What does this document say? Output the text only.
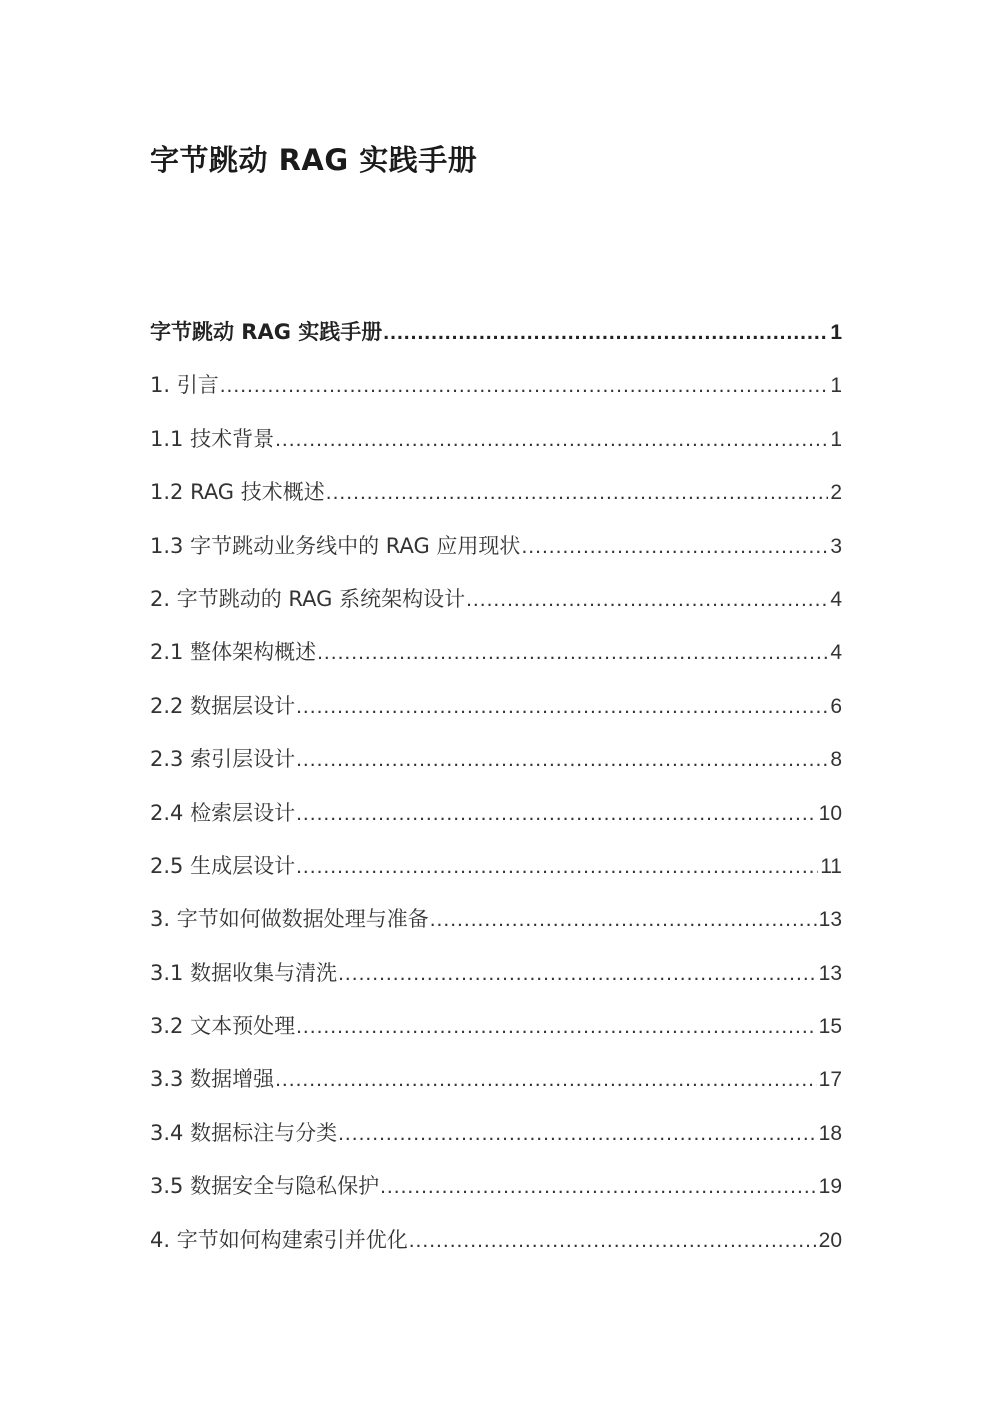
字节跳动 RAG 实践手册
字节跳动 RAG 实践手册 .....	1
1. 引言 .....	1
1.1 技术背景 .....	1
1.2 RAG 技术概述 .....	2
1.3 字节跳动业务线中的 RAG 应用现状 .....	3
2. 字节跳动的 RAG 系统架构设计 .....	4
2.1 整体架构概述 .....	4
2.2 数据层设计 .....	6
2.3 索引层设计 .....	8
2.4 检索层设计 .....	10
2.5 生成层设计 .....	11
3. 字节如何做数据处理与准备 .....	13
3.1 数据收集与清洗 .....	13
3.2 文本预处理 .....	15
3.3 数据增强 .....	17
3.4 数据标注与分类 .....	18
3.5 数据安全与隐私保护 .....	19
4. 字节如何构建索引并优化 .....	20
